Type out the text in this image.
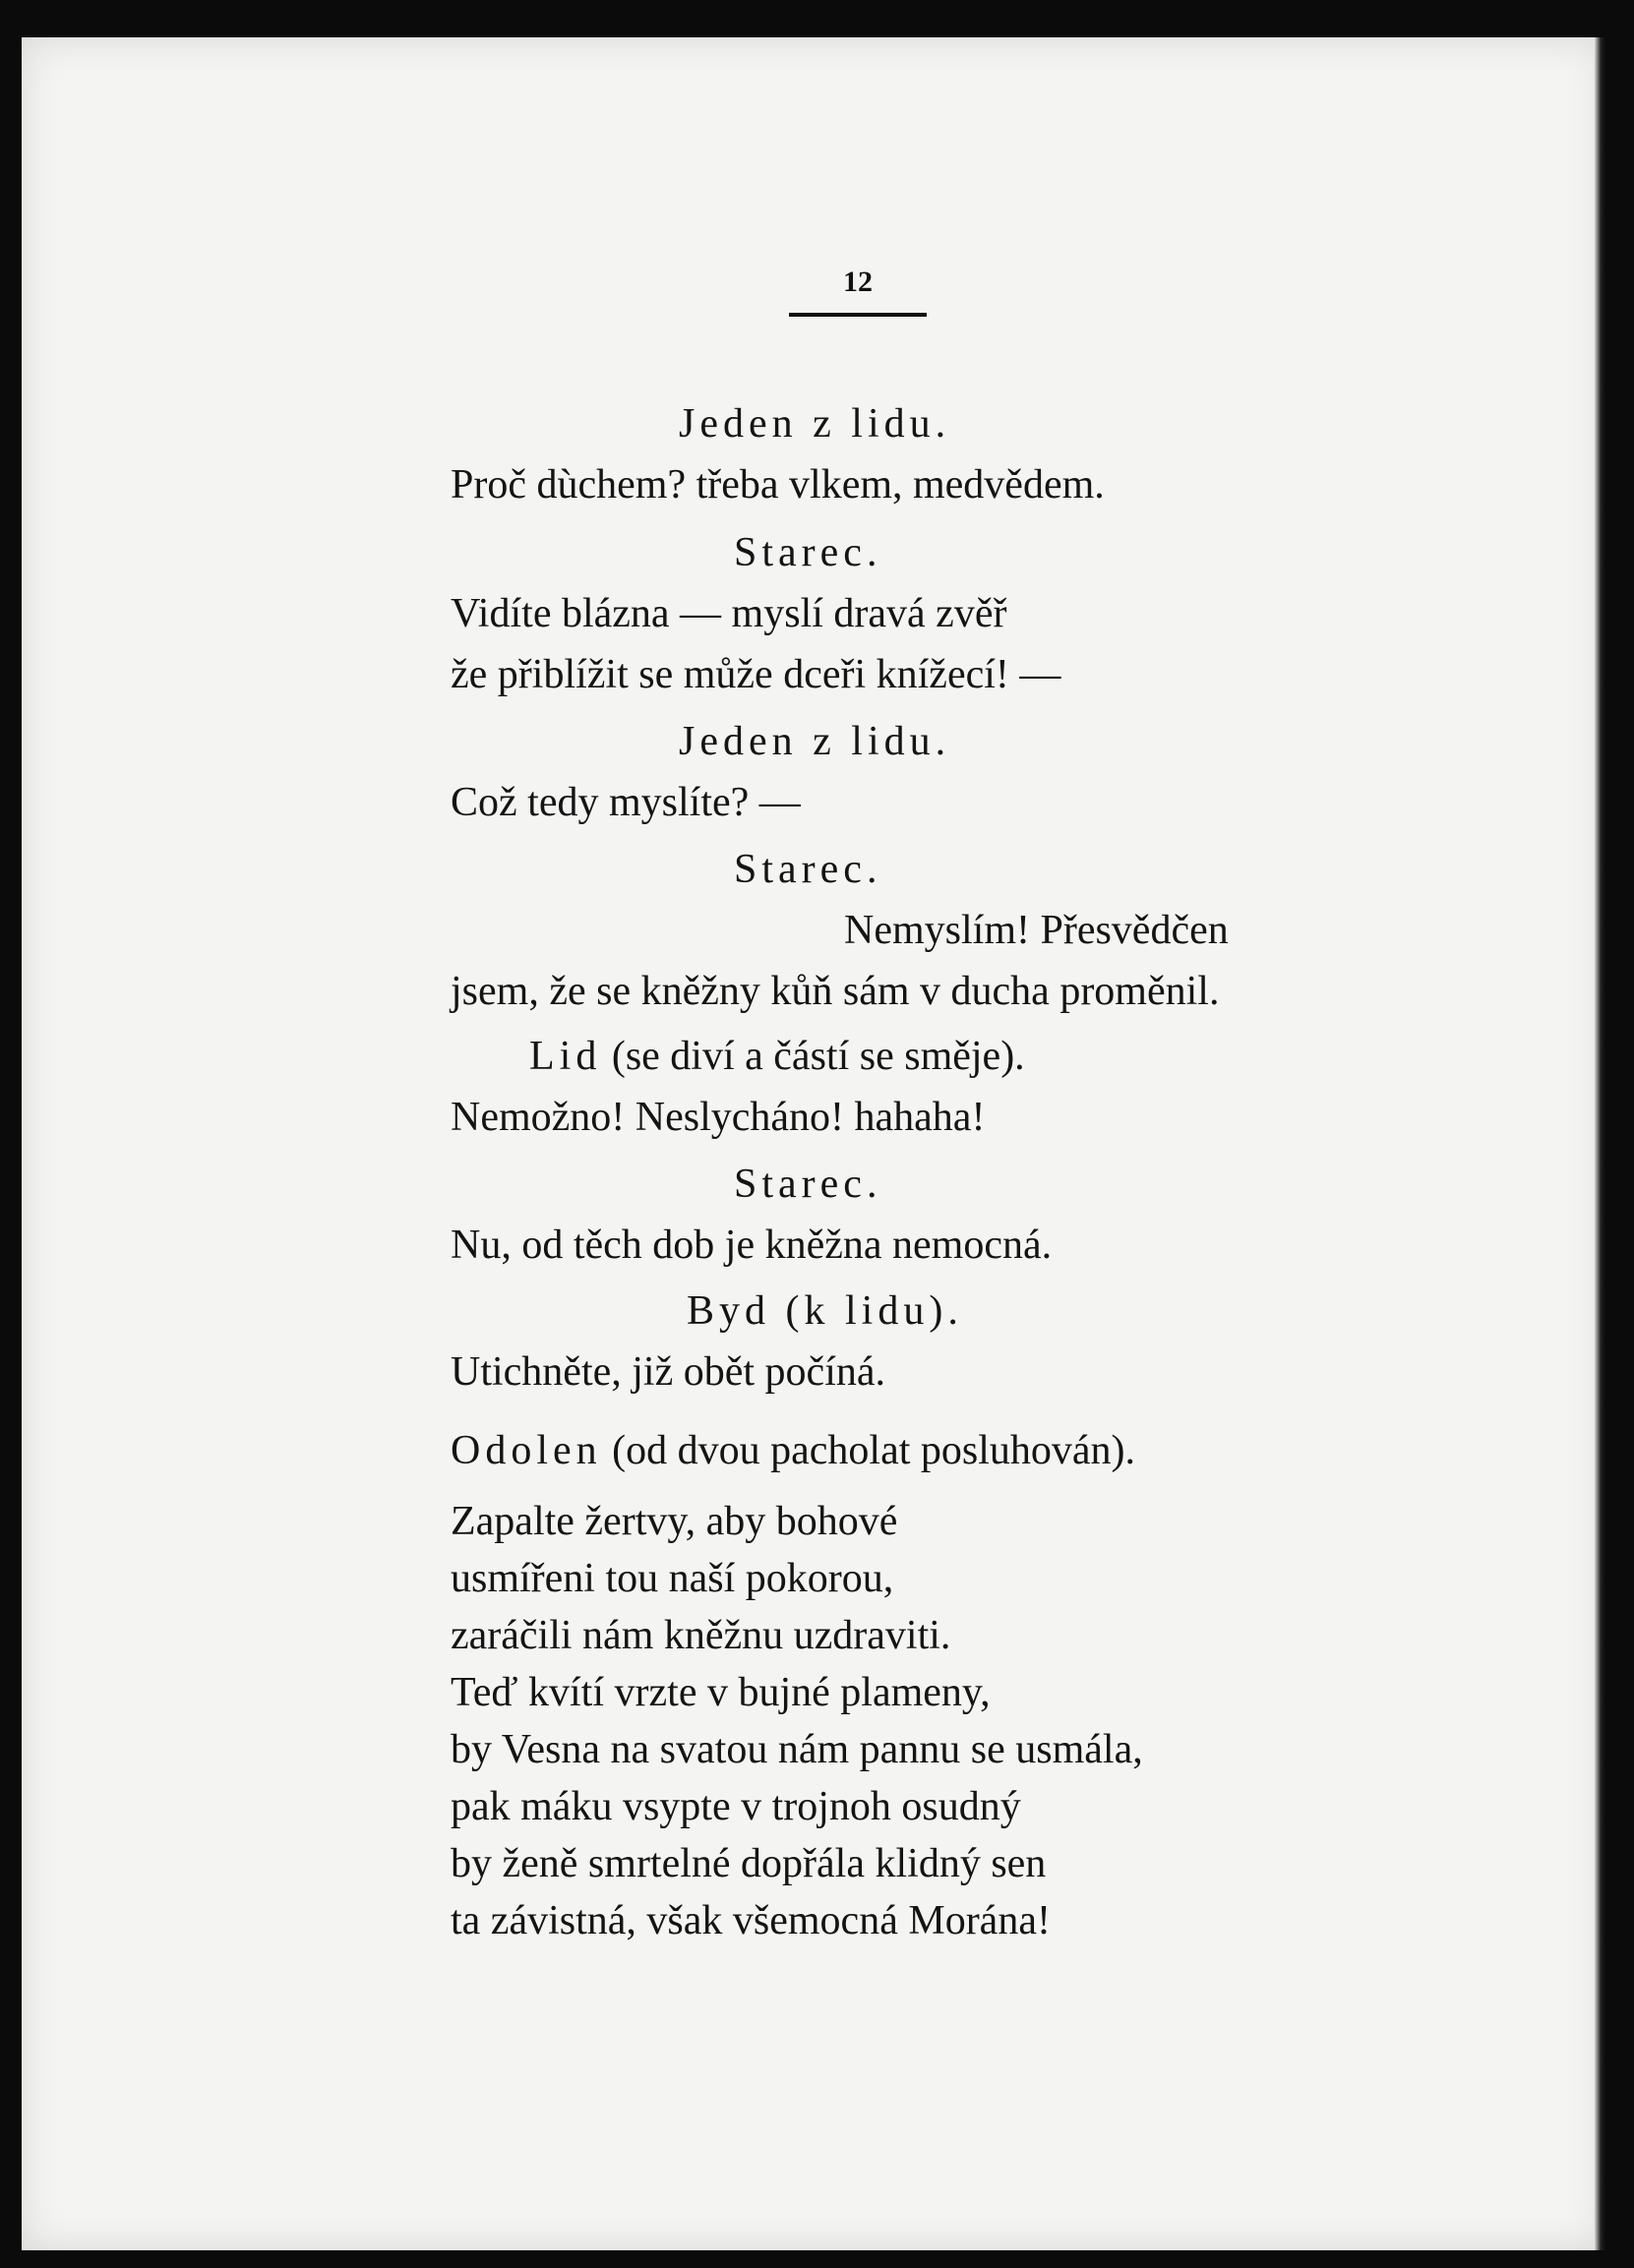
12
Jeden z lidu.
Proč dùchem? třeba vlkem, medvědem.
Starec.
Vidíte blázna — myslí dravá zvěř
že přiblížit se může dceři knížecí! —
Jeden z lidu.
Což tedy myslíte? —
Starec.
Nemyslím! Přesvědčen
jsem, že se kněžny kůň sám v ducha proměnil.
Lid (se diví a částí se směje).
Nemožno! Neslycháno! hahaha!
Starec.
Nu, od těch dob je kněžna nemocná.
Byd (k lidu).
Utichněte, již obět počíná.
Odolen (od dvou pacholat posluhován).
Zapalte žertvy, aby bohové
usmířeni tou naší pokorou,
zaráčili nám kněžnu uzdraviti.
Teď kvítí vrzte v bujné plameny,
by Vesna na svatou nám pannu se usmála,
pak máku vsypte v trojnoh osudný
by ženě smrtelné dopřála klidný sen
ta závistná, však všemocná Morána!
